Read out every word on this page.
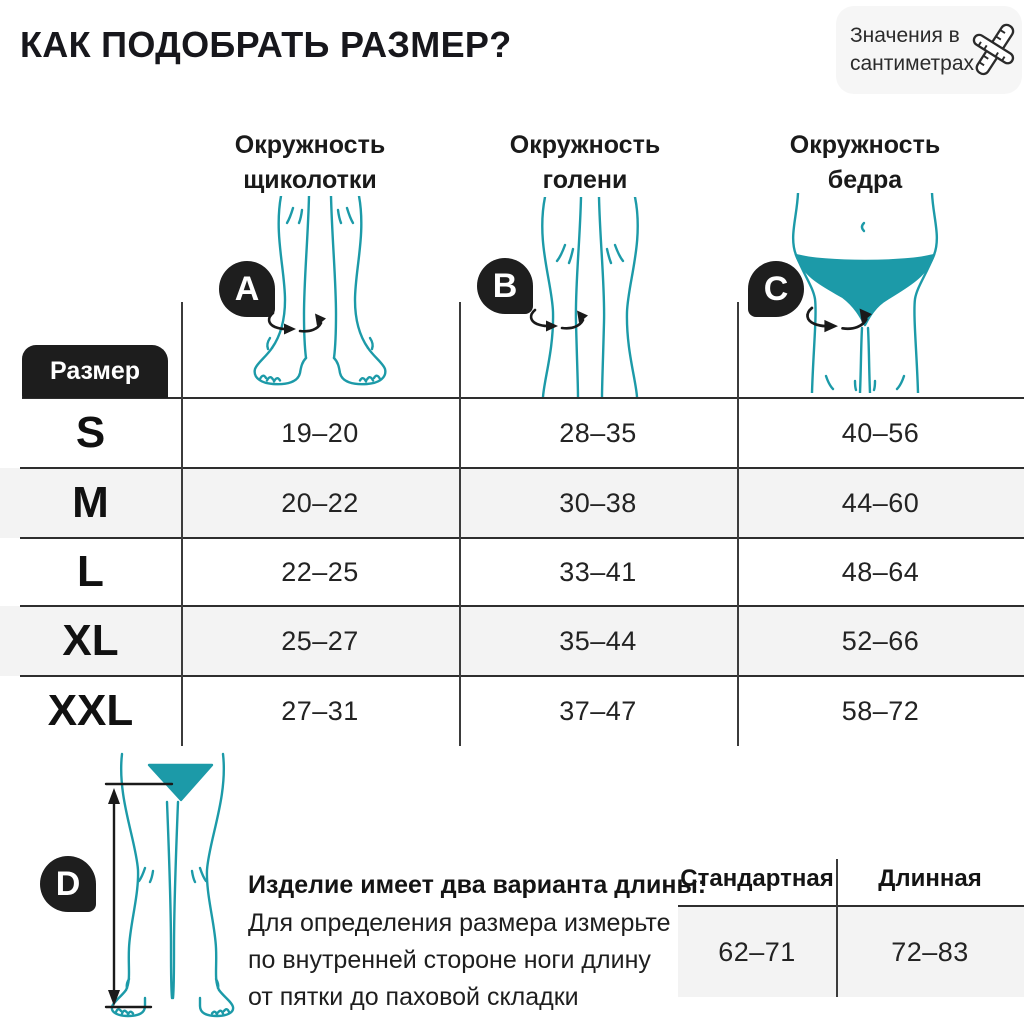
КАК ПОДОБРАТЬ РАЗМЕР?	Значения в сантиметрах
Окружность щиколотки
Окружность голени
Окружность бедра
A	B	C
S	19–20	28–35	40–56
M	20–22	30–38	44–60
L	22–25	33–41	48–64
XL	25–27	35–44	52–66
XXL	27–31	37–47	58–72
Размер
D	Изделие имеет два варианта длины:
Для определения размера измерьте по внутренней стороне ноги длину от пятки до паховой складки
Стандартная	Длинная
62–71	72–83
